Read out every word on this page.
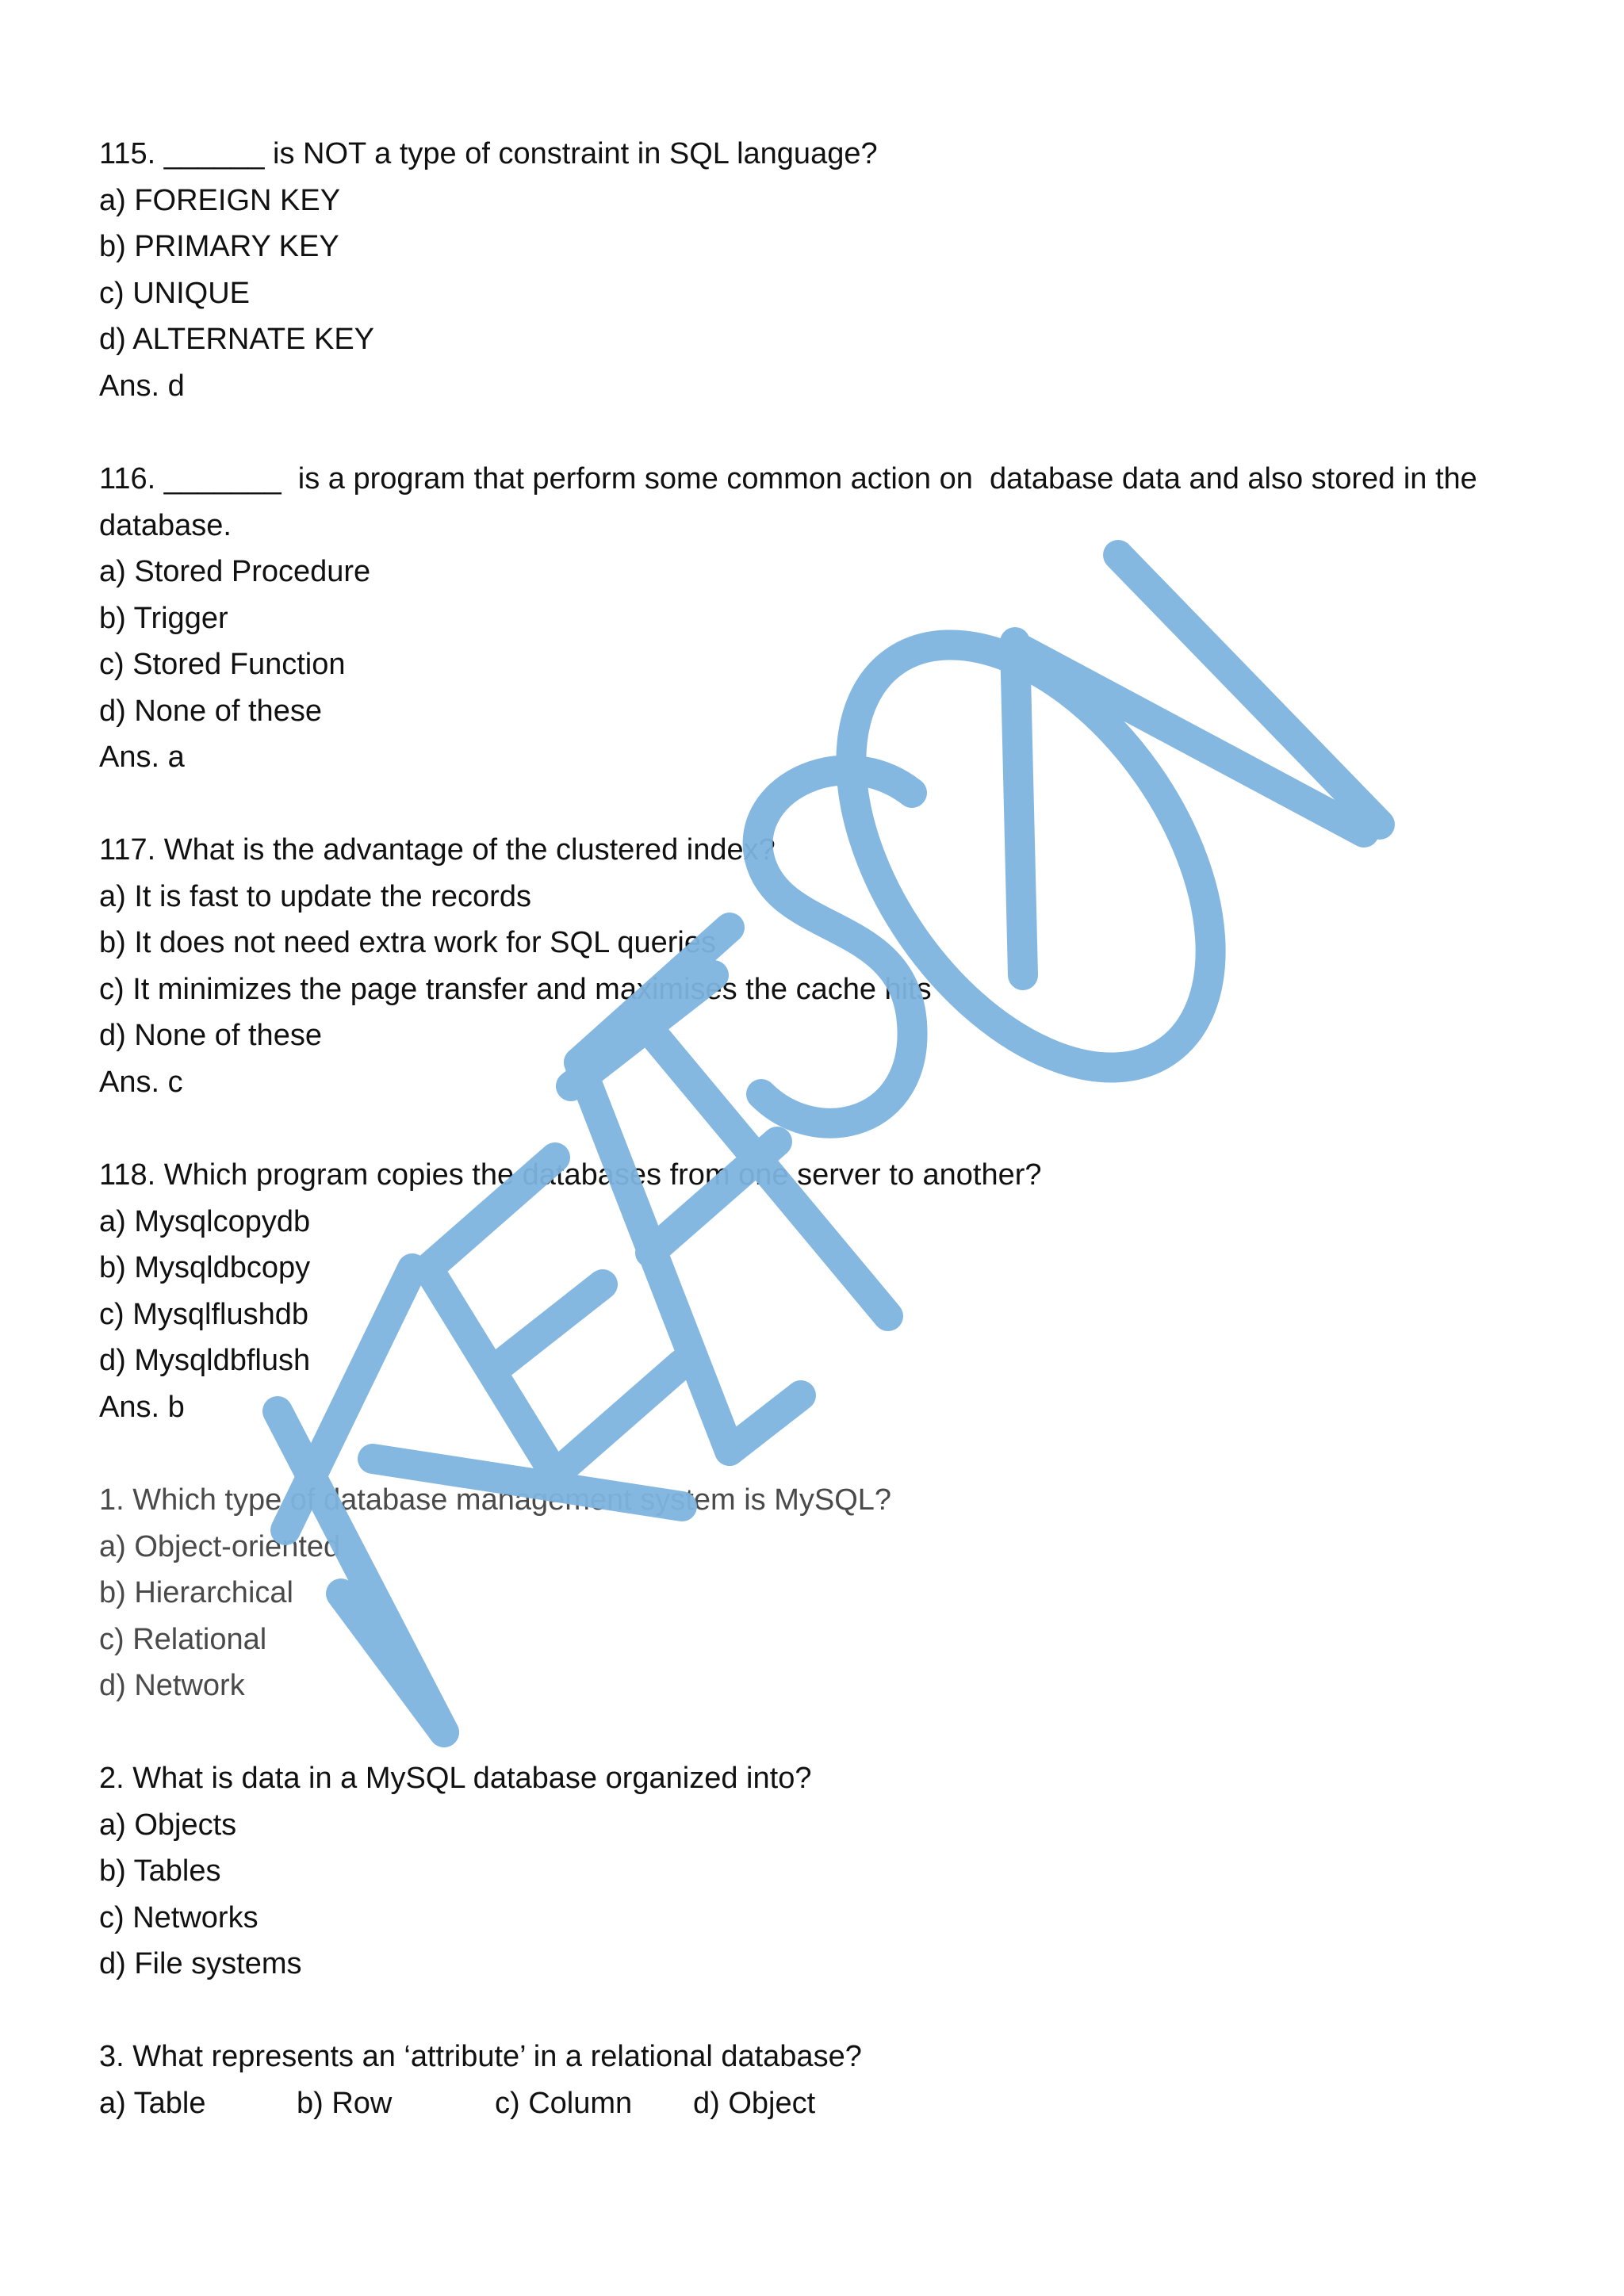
115. ______ is NOT a type of constraint in SQL language?

a) FOREIGN KEY

b) PRIMARY KEY

c) UNIQUE

d) ALTERNATE KEY

Ans. d

116. _______  is a program that perform some common action on  database data and also stored in the

database.

a) Stored Procedure

b) Trigger

c) Stored Function

d) None of these

Ans. a

117. What is the advantage of the clustered index?

a) It is fast to update the records

b) It does not need extra work for SQL queries

c) It minimizes the page transfer and maximises the cache hits

d) None of these

Ans. c

118. Which program copies the databases from one server to another?

a) Mysqlcopydb

b) Mysqldbcopy

c) Mysqlflushdb

d) Mysqldbflush

Ans. b

1. Which type of database management system is MySQL?

a) Object-oriented

b) Hierarchical

c) Relational

d) Network

2. What is data in a MySQL database organized into?

a) Objects

b) Tables

c) Networks

d) File systems

3. What represents an ‘attribute’ in a relational database?

a) Table	b) Row	c) Column d) Object
